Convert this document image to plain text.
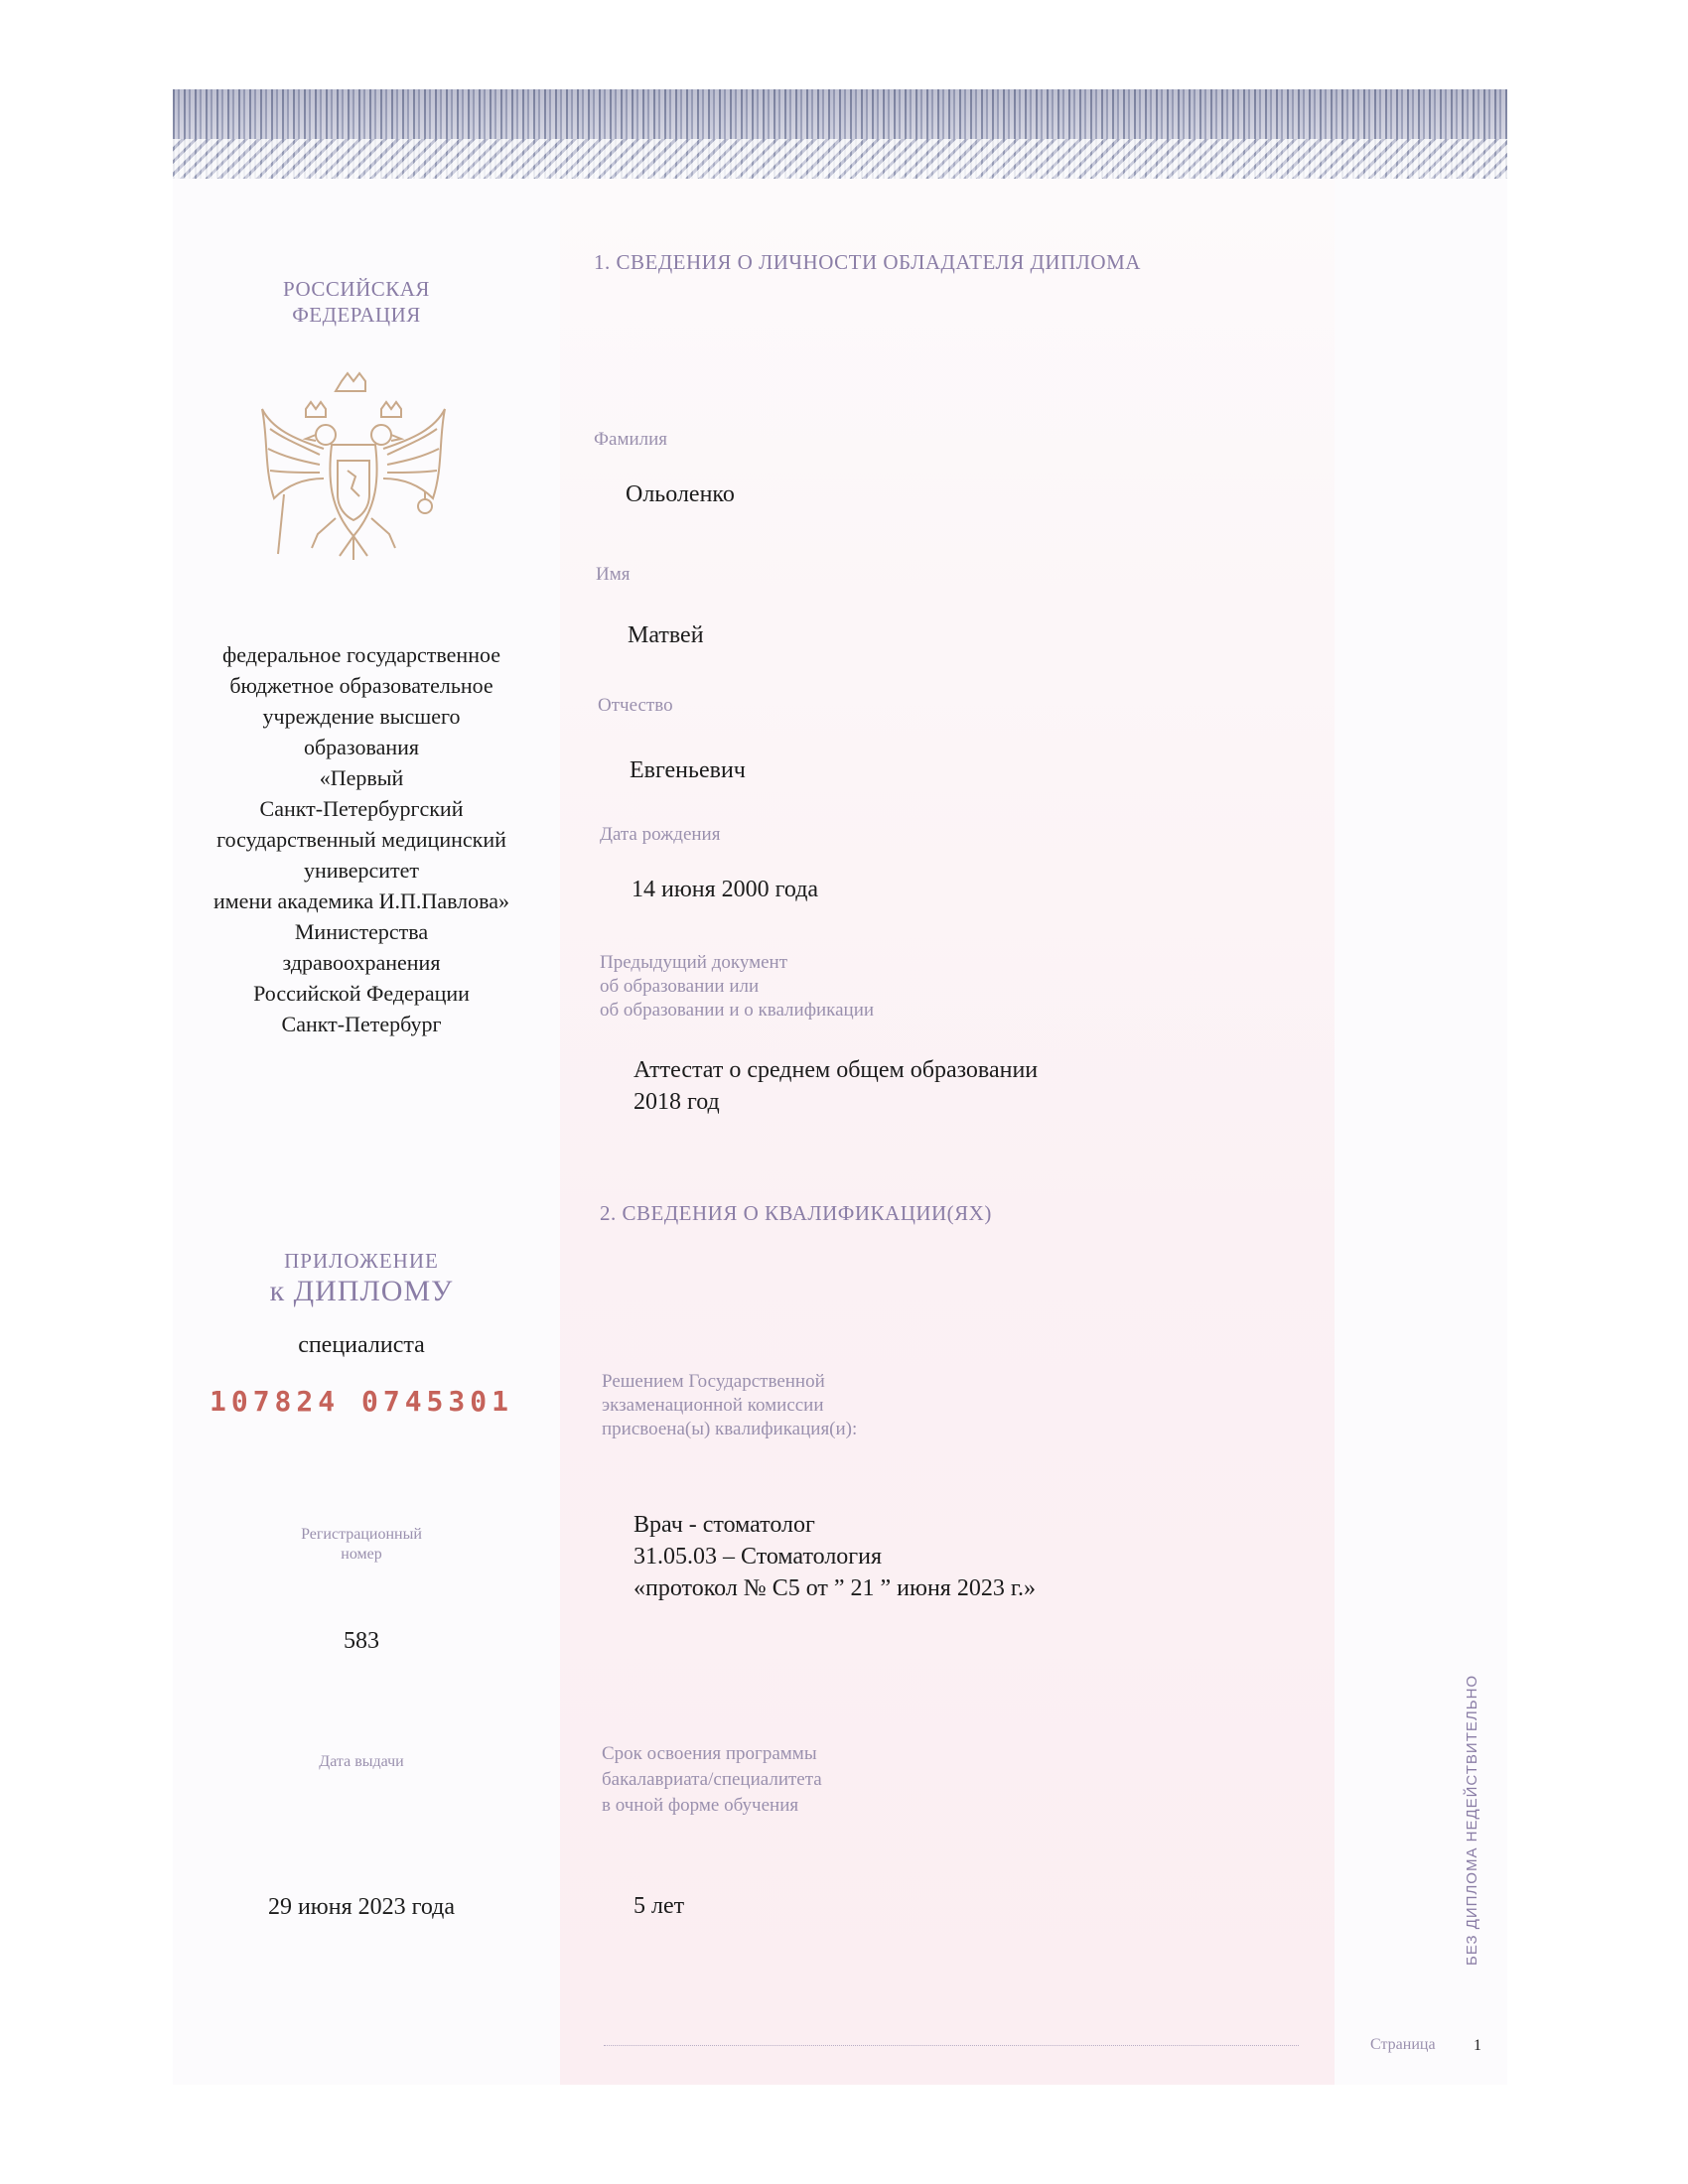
РОССИЙСКАЯ
ФЕДЕРАЦИЯ
федеральное государственное
бюджетное образовательное
учреждение высшего
образования
«Первый
Санкт-Петербургский
государственный медицинский
университет
имени академика И.П.Павлова»
Министерства
здравоохранения
Российской Федерации
Санкт-Петербург
ПРИЛОЖЕНИЕ
к ДИПЛОМУ
специалиста
107824 0745301
Регистрационный
номер
583
Дата выдачи
29 июня 2023 года
1. СВЕДЕНИЯ О ЛИЧНОСТИ ОБЛАДАТЕЛЯ ДИПЛОМА
Фамилия
Ольоленко
Имя
Матвей
Отчество
Евгеньевич
Дата рождения
14 июня 2000 года
Предыдущий документ
об образовании или
об образовании и о квалификации
Аттестат о среднем общем образовании
2018 год
2. СВЕДЕНИЯ О КВАЛИФИКАЦИИ(ЯХ)
Решением Государственной
экзаменационной комиссии
присвоена(ы) квалификация(и):
Врач - стоматолог
31.05.03 – Стоматология
«протокол № С5 от ” 21 ” июня 2023 г.»
Срок освоения программы
бакалавриата/специалитета
в очной форме обучения
5 лет	БЕЗ ДИПЛОМА НЕДЕЙСТВИТЕЛЬНО
Страница 1
